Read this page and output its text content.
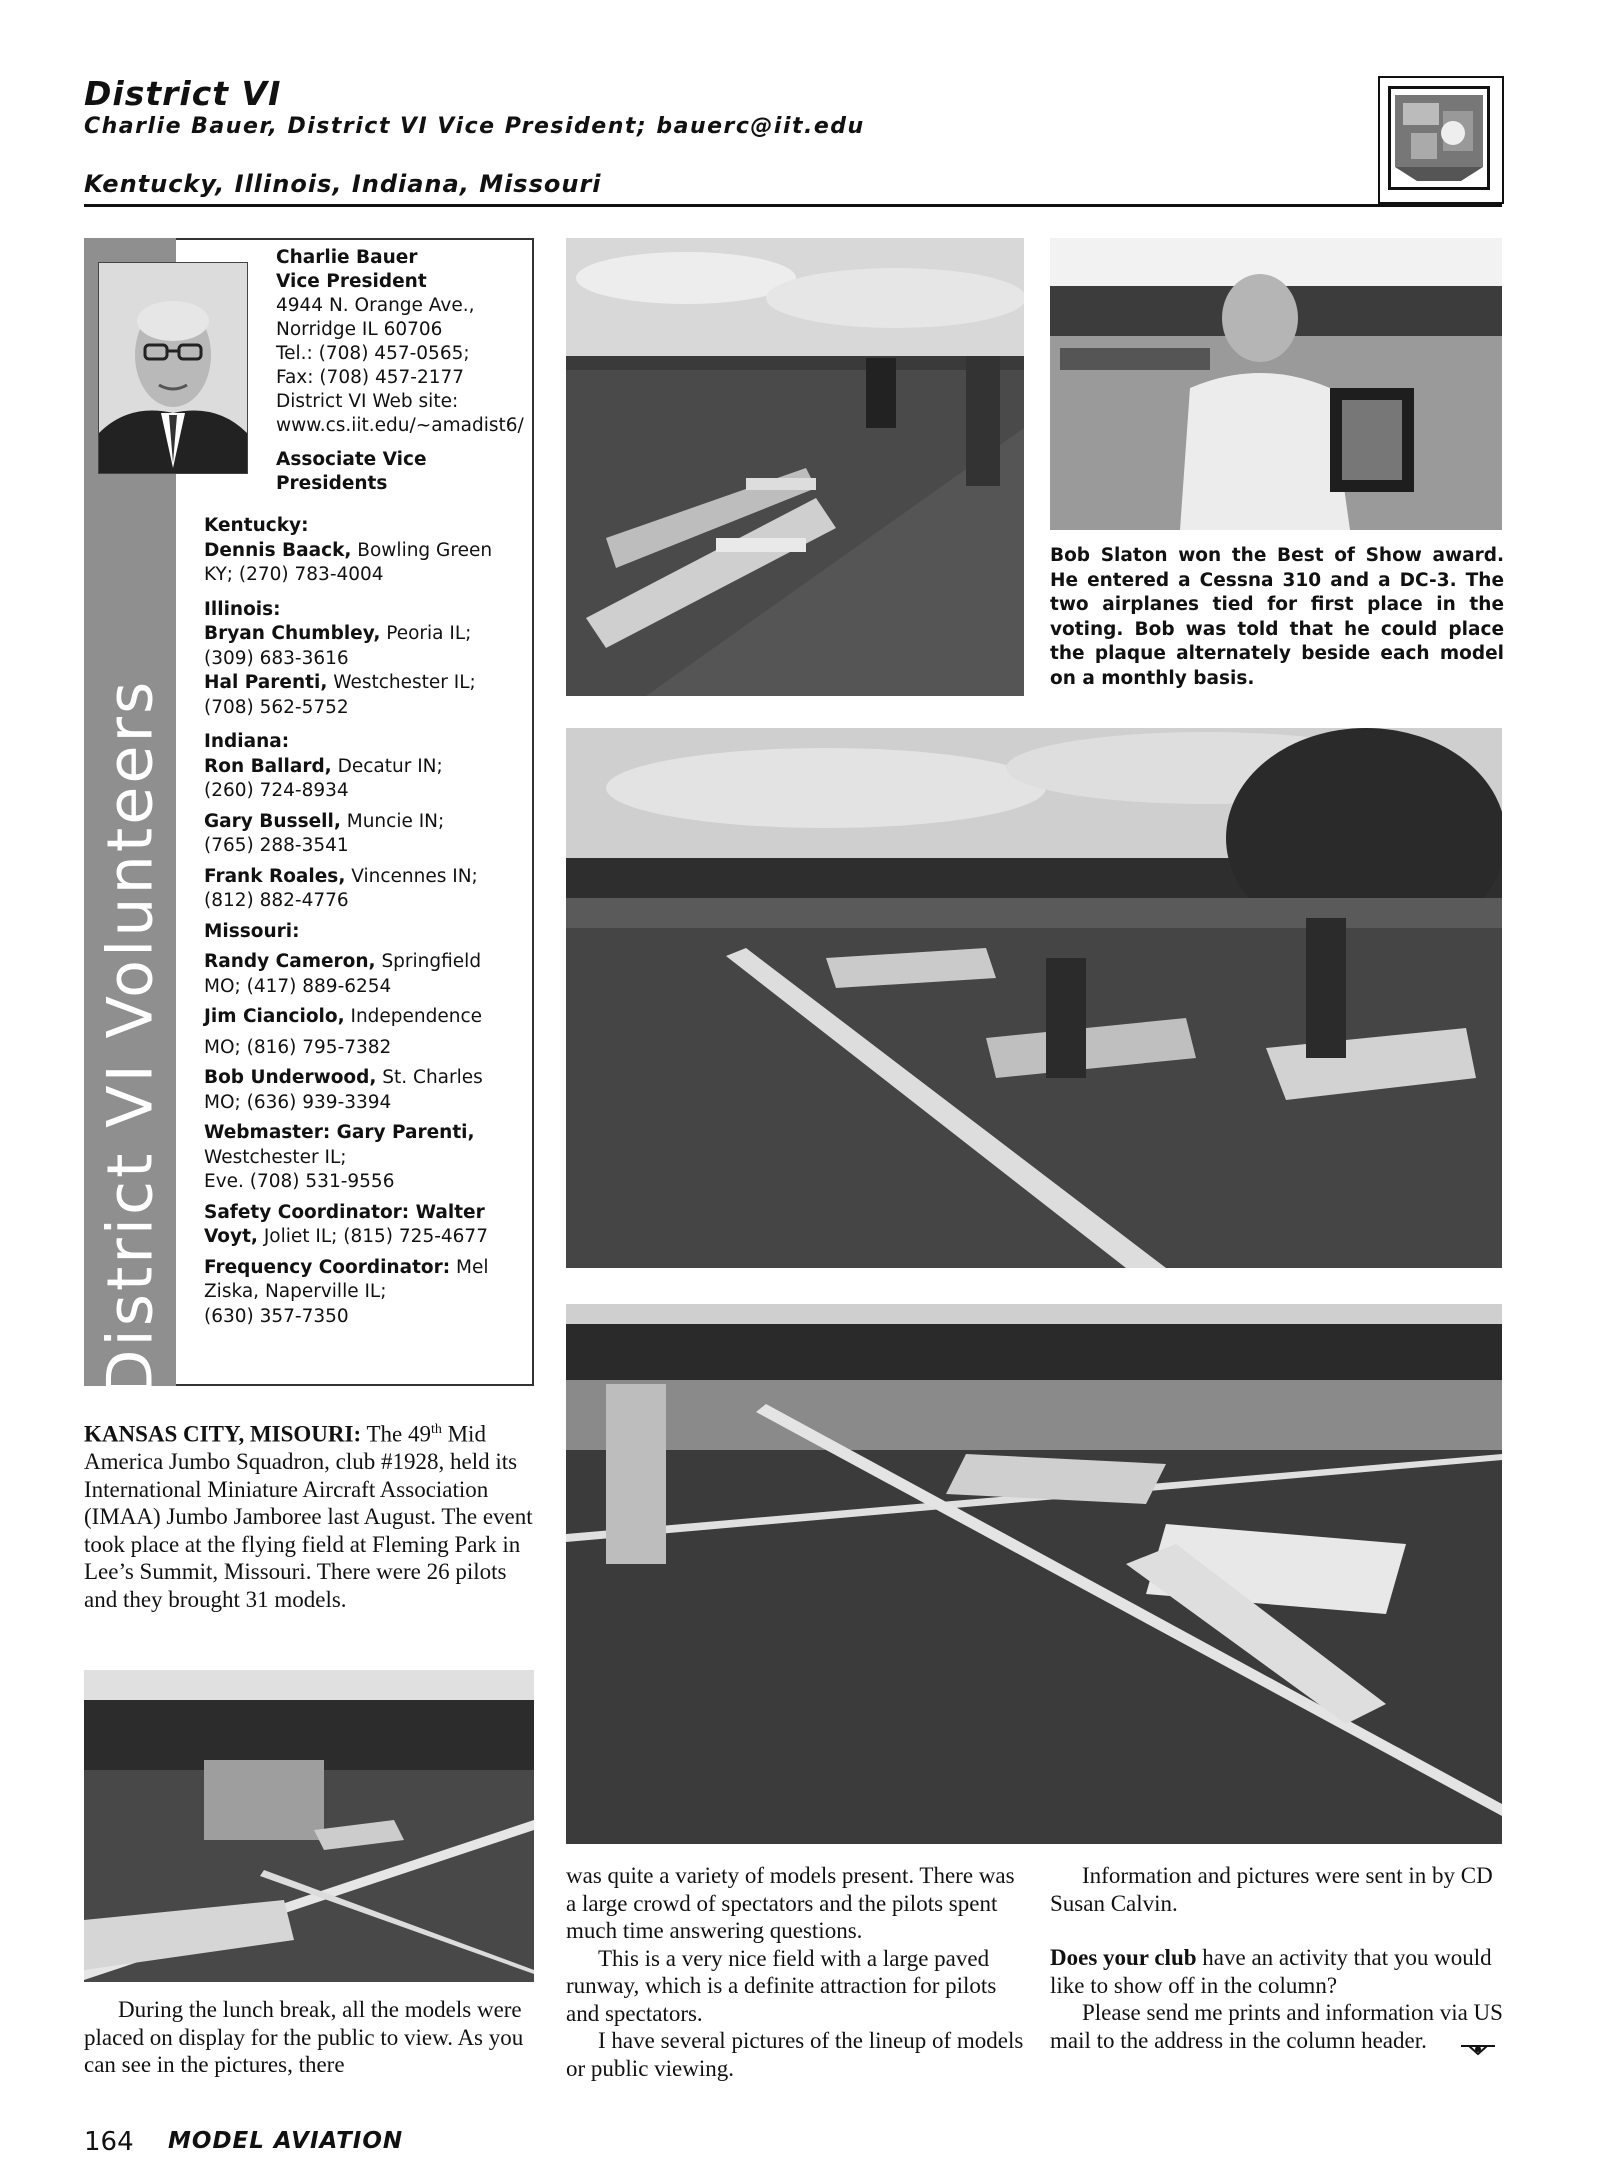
District VI
Charlie Bauer, District VI Vice President; bauerc@iit.edu
Kentucky, Illinois, Indiana, Missouri
District VI Volunteers
Charlie Bauer
Vice President
4944 N. Orange Ave.,
Norridge IL 60706
Tel.: (708) 457-0565;
Fax: (708) 457-2177
District VI Web site:
www.cs.iit.edu/~amadist6/
Associate Vice Presidents
Kentucky:
Dennis Baack, Bowling Green
KY; (270) 783-4004
Illinois:
Bryan Chumbley, Peoria IL;
(309) 683-3616
Hal Parenti, Westchester IL;
(708) 562-5752
Indiana:
Ron Ballard, Decatur IN;
(260) 724-8934
Gary Bussell, Muncie IN;
(765) 288-3541
Frank Roales, Vincennes IN;
(812) 882-4776
Missouri:
Randy Cameron, Springfield
MO; (417) 889-6254
Jim Cianciolo, Independence
MO; (816) 795-7382
Bob Underwood, St. Charles
MO; (636) 939-3394
Webmaster: Gary Parenti,
Westchester IL;
Eve. (708) 531-9556
Safety Coordinator: Walter
Voyt, Joliet IL; (815) 725-4677
Frequency Coordinator: Mel
Ziska, Naperville IL;
(630) 357-7350
Bob Slaton won the Best of Show award. He entered a Cessna 310 and a DC-3. The two airplanes tied for first place in the voting. Bob was told that he could place the plaque alternately beside each model on a monthly basis.
KANSAS CITY, MISOURI: The 49th Mid America Jumbo Squadron, club #1928, held its International Miniature Aircraft Association (IMAA) Jumbo Jamboree last August. The event took place at the flying field at Fleming Park in Lee’s Summit, Missouri. There were 26 pilots and they brought 31 models.
During the lunch break, all the models were placed on display for the public to view. As you can see in the pictures, there
was quite a variety of models present. There was a large crowd of spectators and the pilots spent much time answering questions.
This is a very nice field with a large paved runway, which is a definite attraction for pilots and spectators.
I have several pictures of the lineup of models or public viewing.
Information and pictures were sent in by CD Susan Calvin.
Does your club have an activity that you would like to show off in the column?
Please send me prints and information via US mail to the address in the column header.
164 MODEL AVIATION
